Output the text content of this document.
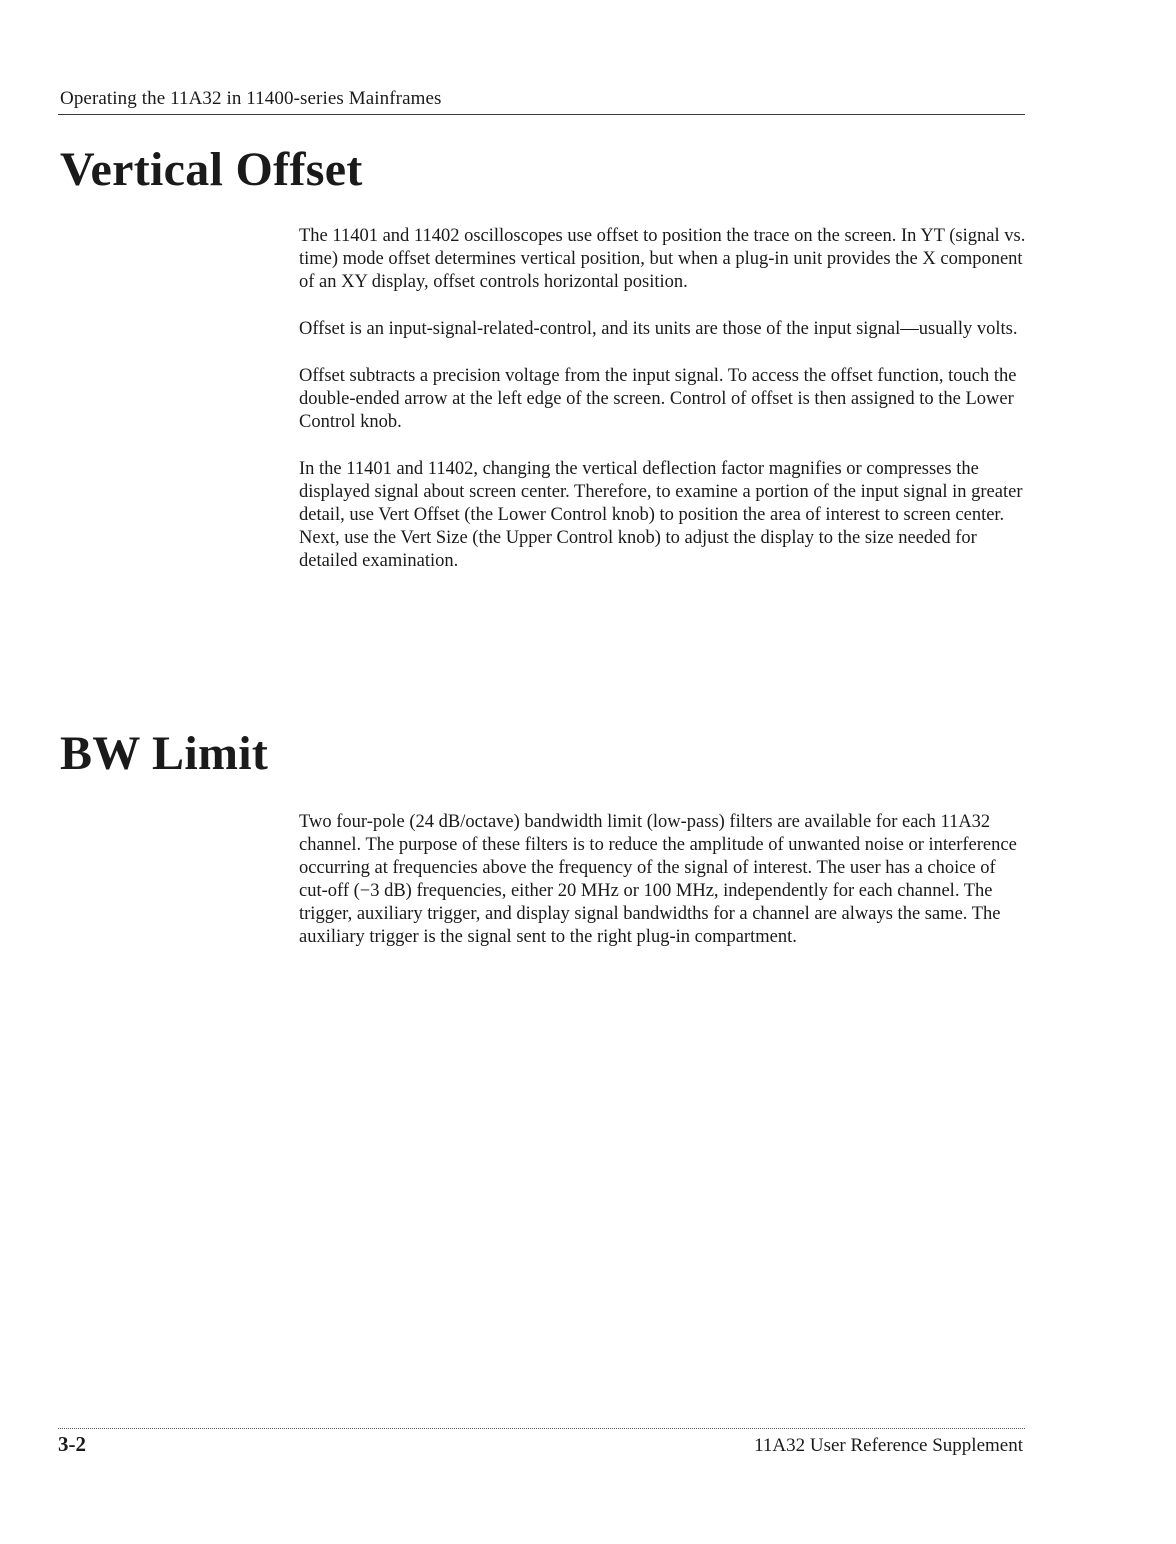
Operating the 11A32 in 11400-series Mainframes
Vertical Offset

The 11401 and 11402 oscilloscopes use offset to position the trace on the screen. In YT (signal vs. time) mode offset determines vertical position, but when a plug-in unit provides the X component of an XY display, offset controls horizontal position.

Offset is an input-signal-related-control, and its units are those of the input signal—usually volts.

Offset subtracts a precision voltage from the input signal. To access the offset function, touch the double-ended arrow at the left edge of the screen. Control of offset is then assigned to the Lower Control knob.

In the 11401 and 11402, changing the vertical deflection factor magnifies or compresses the displayed signal about screen center. Therefore, to examine a portion of the input signal in greater detail, use Vert Offset (the Lower Control knob) to position the area of interest to screen center. Next, use the Vert Size (the Upper Control knob) to adjust the display to the size needed for detailed examination.

BW Limit

Two four-pole (24 dB/octave) bandwidth limit (low-pass) filters are available for each 11A32 channel. The purpose of these filters is to reduce the amplitude of unwanted noise or interference occurring at frequencies above the frequency of the signal of interest. The user has a choice of cut-off (−3 dB) frequencies, either 20 MHz or 100 MHz, independently for each channel. The trigger, auxiliary trigger, and display signal bandwidths for a channel are always the same. The auxiliary trigger is the signal sent to the right plug-in compartment.

3-2	11A32 User Reference Supplement
